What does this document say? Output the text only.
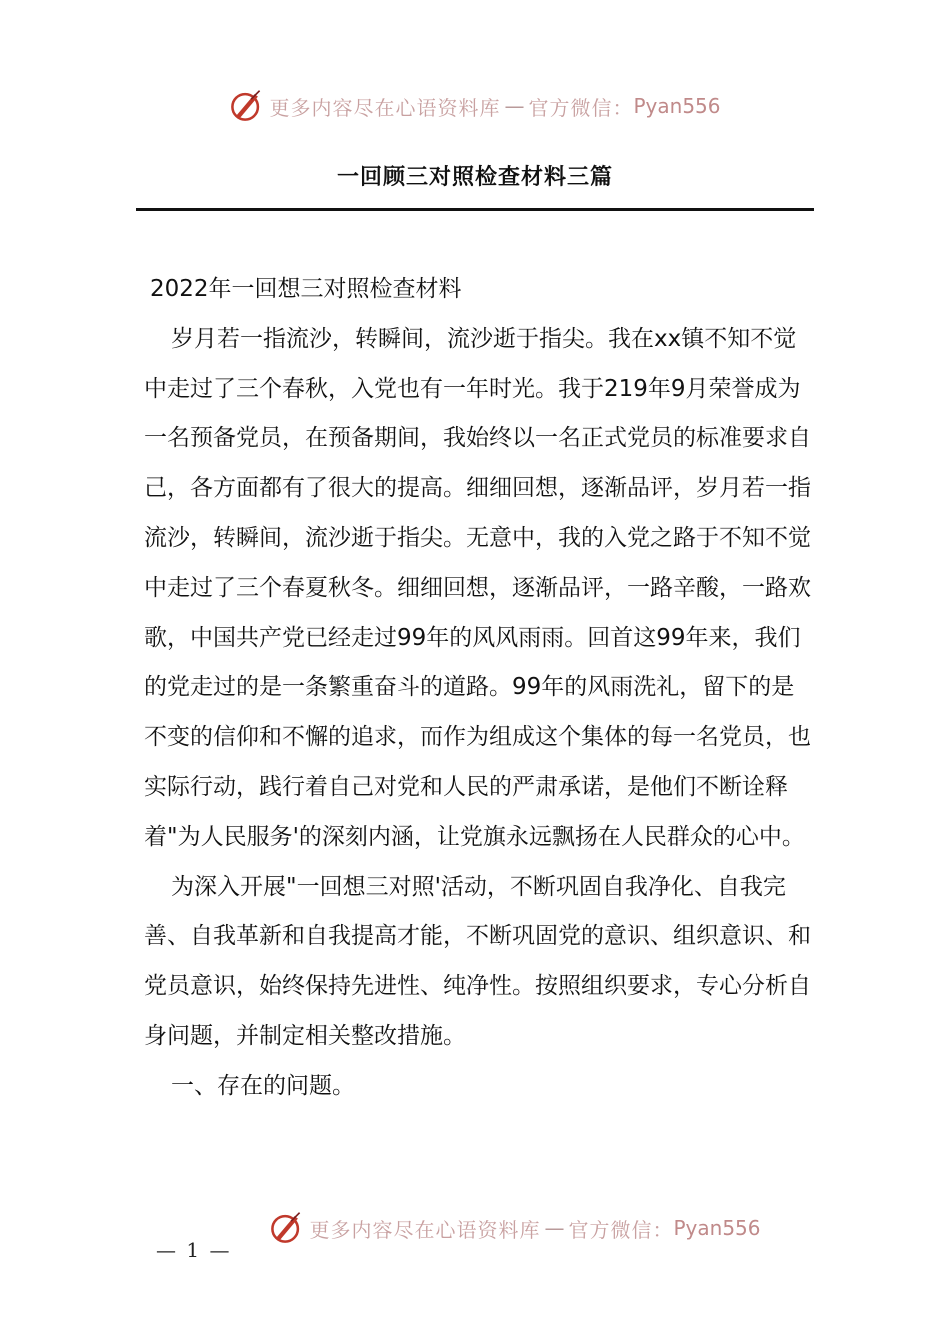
更多内容尽在心语资料库 — 官方微信： Pyan556
一回顾三对照检查材料三篇

2022年一回想三对照检查材料

岁月若一指流沙，转瞬间，流沙逝于指尖。我在xx镇不知不觉中走过了三个春秋，入党也有一年时光。我于219年9月荣誉成为一名预备党员，在预备期间，我始终以一名正式党员的标准要求自己，各方面都有了很大的提高。细细回想，逐渐品评，岁月若一指流沙，转瞬间，流沙逝于指尖。无意中，我的入党之路于不知不觉中走过了三个春夏秋冬。细细回想，逐渐品评，一路辛酸，一路欢歌，中国共产党已经走过99年的风风雨雨。回首这99年来，我们的党走过的是一条繁重奋斗的道路。99年的风雨洗礼，留下的是不变的信仰和不懈的追求，而作为组成这个集体的每一名党员，也实际行动，践行着自己对党和人民的严肃承诺，是他们不断诠释着"为人民服务'的深刻内涵，让党旗永远飘扬在人民群众的心中。

为深入开展"一回想三对照'活动，不断巩固自我净化、自我完善、自我革新和自我提高才能，不断巩固党的意识、组织意识、和党员意识，始终保持先进性、纯净性。按照组织要求，专心分析自身问题，并制定相关整改措施。

一、存在的问题。

更多内容尽在心语资料库 — 官方微信： Pyan556
— 1 —
